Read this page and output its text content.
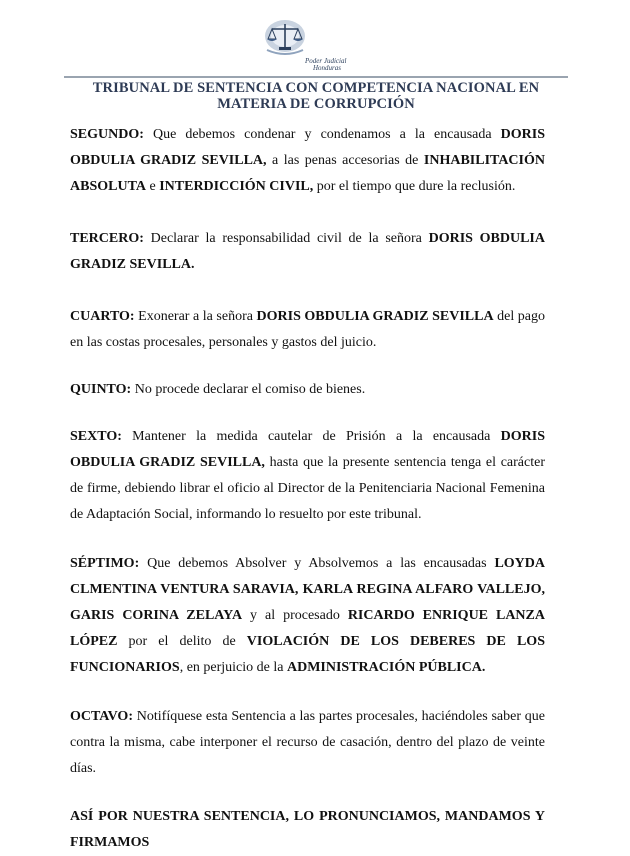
Poder Judicial
Honduras
TRIBUNAL DE SENTENCIA CON COMPETENCIA NACIONAL EN MATERIA DE CORRUPCIÓN

SEGUNDO: Que debemos condenar y condenamos a la encausada DORIS OBDULIA GRADIZ SEVILLA, a las penas accesorias de INHABILITACIÓN ABSOLUTA e INTERDICCIÓN CIVIL, por el tiempo que dure la reclusión.

TERCERO: Declarar la responsabilidad civil de la señora DORIS OBDULIA GRADIZ SEVILLA.

CUARTO: Exonerar a la señora DORIS OBDULIA GRADIZ SEVILLA del pago en las costas procesales, personales y gastos del juicio.

QUINTO: No procede declarar el comiso de bienes.

SEXTO: Mantener la medida cautelar de Prisión a la encausada DORIS OBDULIA GRADIZ SEVILLA, hasta que la presente sentencia tenga el carácter de firme, debiendo librar el oficio al Director de la Penitenciaria Nacional Femenina de Adaptación Social, informando lo resuelto por este tribunal.

SÉPTIMO: Que debemos Absolver y Absolvemos a las encausadas LOYDA CLMENTINA VENTURA SARAVIA, KARLA REGINA ALFARO VALLEJO, GARIS CORINA ZELAYA y al procesado RICARDO ENRIQUE LANZA LÓPEZ por el delito de VIOLACIÓN DE LOS DEBERES DE LOS FUNCIONARIOS, en perjuicio de la ADMINISTRACIÓN PÚBLICA.

OCTAVO: Notifíquese esta Sentencia a las partes procesales, haciéndoles saber que contra la misma, cabe interponer el recurso de casación, dentro del plazo de veinte días.

ASÍ POR NUESTRA SENTENCIA, LO PRONUNCIAMOS, MANDAMOS Y FIRMAMOS
